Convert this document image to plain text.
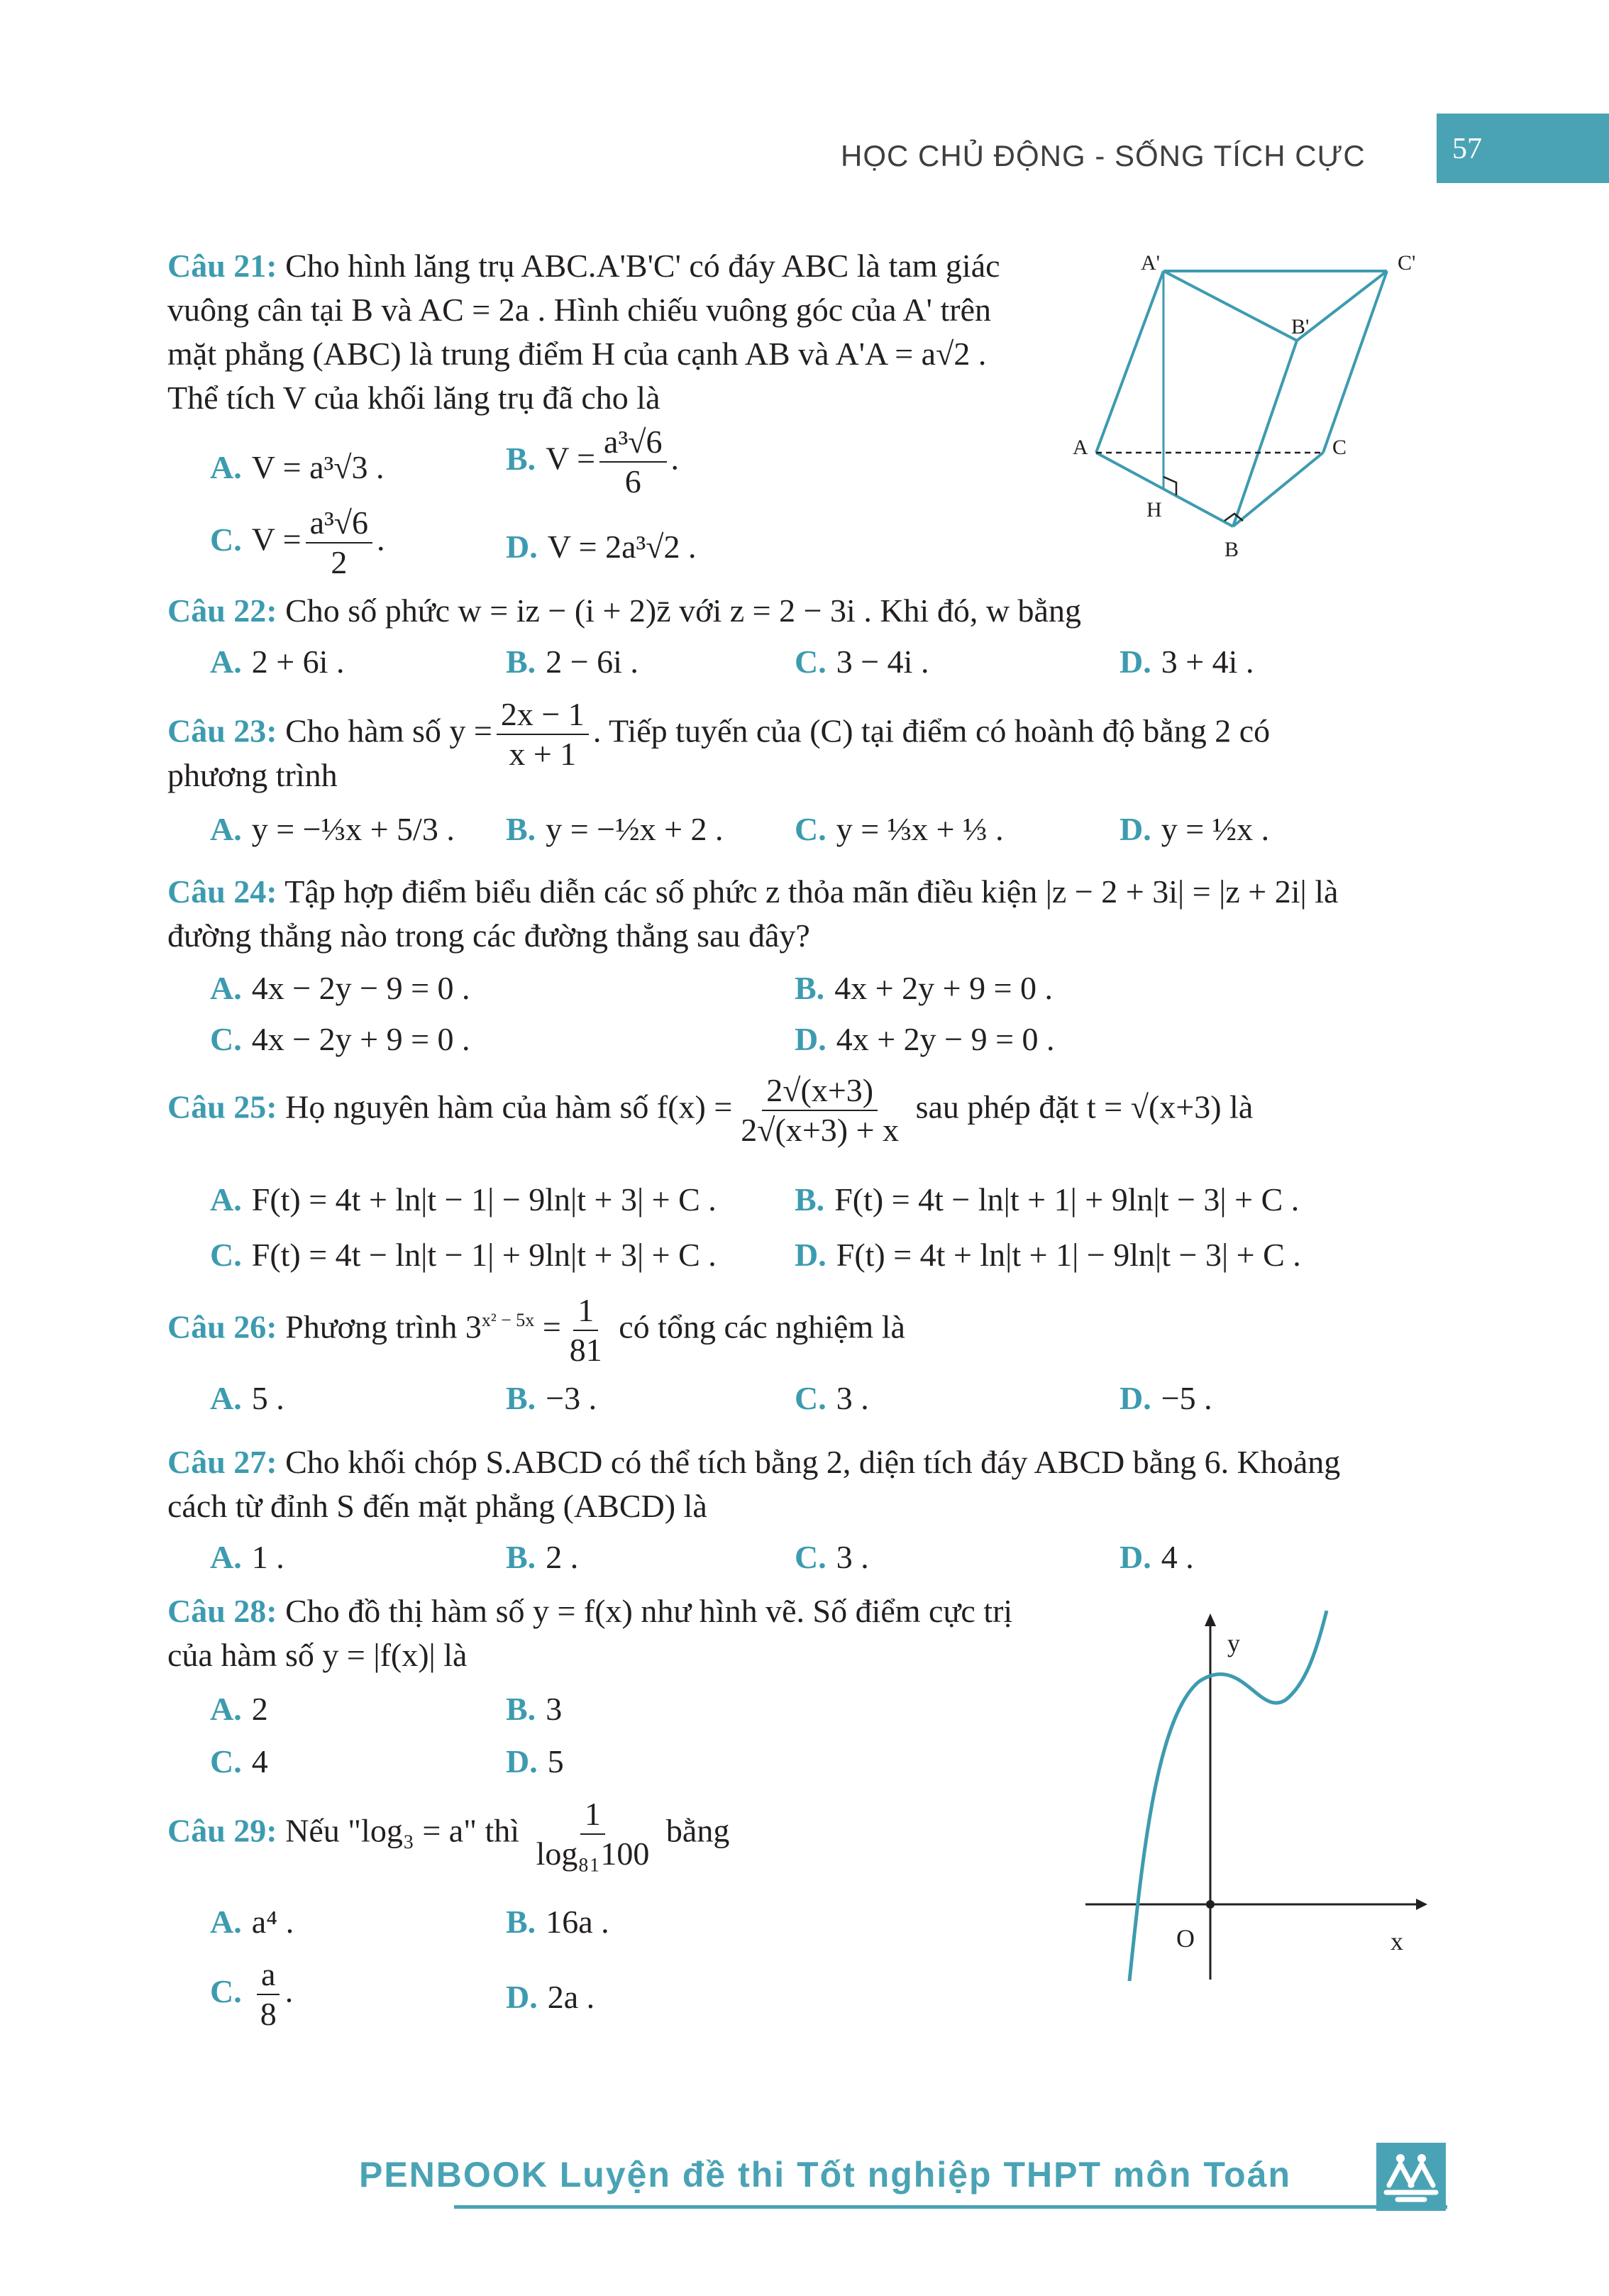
HỌC CHỦ ĐỘNG - SỐNG TÍCH CỰC	57
Câu 21: Cho hình lăng trụ ABC.A'B'C' có đáy ABC là tam giác
vuông cân tại B và AC = 2a . Hình chiếu vuông góc của A' trên
mặt phẳng (ABC) là trung điểm H của cạnh AB và A'A = a√2 .
Thể tích V của khối lăng trụ đã cho là
A. V = a³√3 .	B. $V = \frac{\text{a³√6}}{6}$ .
C. $V = \frac{\text{a³√6}}{2}$ .	D. V = 2a³√2 .
A'	C'
B'
A	C
H
B
Câu 22: Cho số phức w = iz − (i + 2)z̄ với z = 2 − 3i . Khi đó, w bằng
A. 2 + 6i .	B. 2 − 6i .	C. 3 − 4i .	D. 3 + 4i .
Câu 23: Cho hàm số $y = \frac{2x - 1}{x + 1}$ . Tiếp tuyến của (C) tại điểm có hoành độ bằng 2 có
phương trình
A. y = −⅓x + 5/3 . B. y = −½x + 2 . C. y = ⅓x + ⅓ .	D. y = ½x .
Câu 24: Tập hợp điểm biểu diễn các số phức z thỏa mãn điều kiện |z − 2 + 3i| = |z + 2i| là
đường thẳng nào trong các đường thẳng sau đây?
A. 4x − 2y − 9 = 0 .	B. 4x + 2y + 9 = 0 .
C. 4x − 2y + 9 = 0 .	D. 4x + 2y − 9 = 0 .
Câu 25: Họ nguyên hàm của hàm số $f(x) = \frac{2√(x+3)}{2√(x+3) + x}$ sau phép đặt t = √(x+3) là
A. F(t) = 4t + ln|t − 1| − 9ln|t + 3| + C . B. F(t) = 4t − ln|t + 1| + 9ln|t − 3| + C .
C. F(t) = 4t − ln|t − 1| + 9ln|t + 3| + C . D. F(t) = 4t + ln|t + 1| − 9ln|t − 3| + C .
Câu 26: Phương trình $3^{x^2 - 5x} = \frac{1}{81}$ có tổng các nghiệm là
A. 5 .	B. −3 .	C. 3 .	D. −5 .
Câu 27: Cho khối chóp S.ABCD có thể tích bằng 2, diện tích đáy ABCD bằng 6. Khoảng
cách từ đỉnh S đến mặt phẳng (ABCD) là
A. 1 .	B. 2 .	C. 3 .	D. 4 .
Câu 28: Cho đồ thị hàm số y = f(x) như hình vẽ. Số điểm cực trị
của hàm số y = |f(x)| là
A. 2	B. 3
C. 4	D. 5
y
x
O
Câu 29: Nếu "log₃ = a" thì $\frac{1}{\text{log₈₁100}}$ bằng
A. a⁴ .	B. 16a .
C. $\frac{a}{8}$ .	D. 2a .
PENBOOK Luyện đề thi Tốt nghiệp THPT môn Toán
